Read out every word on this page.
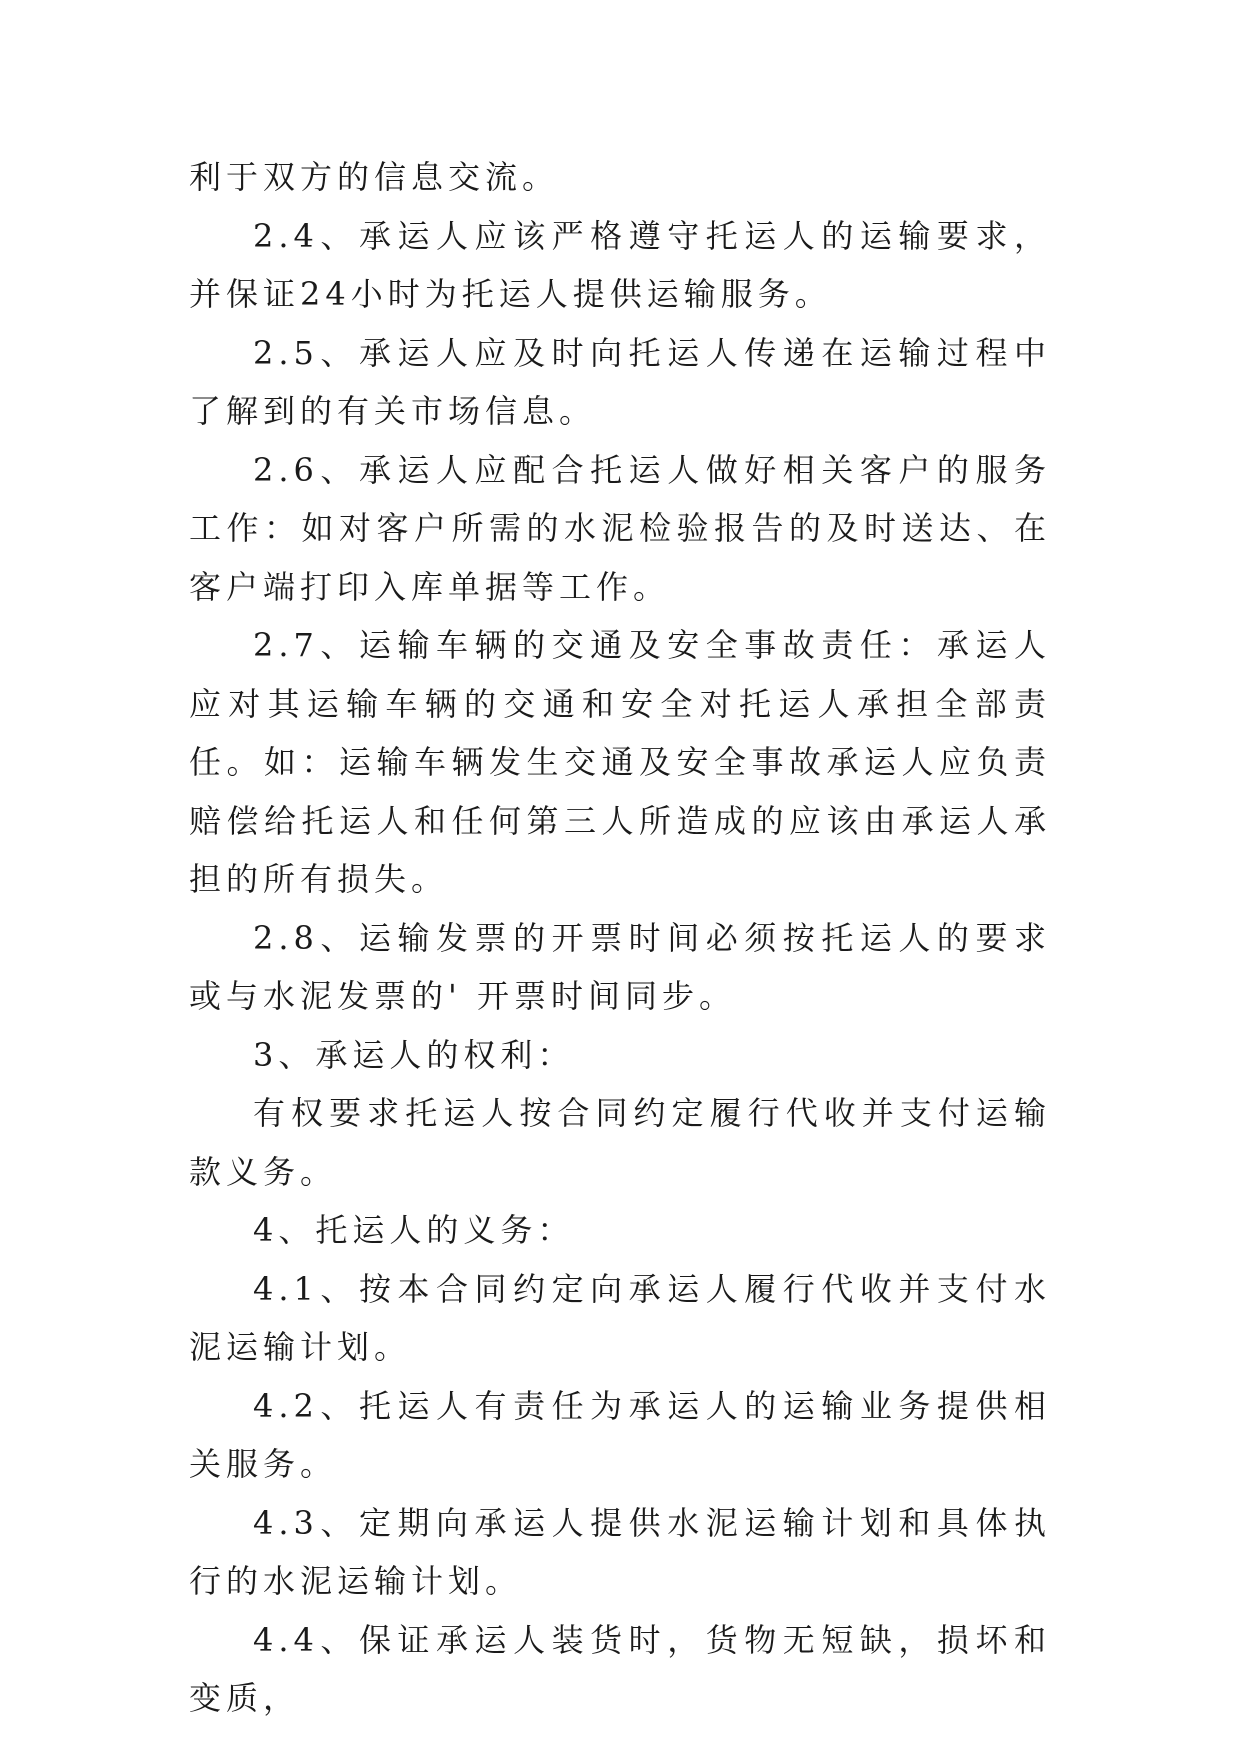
利于双方的信息交流。

2.4、承运人应该严格遵守托运人的运输要求，并保证24小时为托运人提供运输服务。

2.5、承运人应及时向托运人传递在运输过程中了解到的有关市场信息。

2.6、承运人应配合托运人做好相关客户的服务工作：如对客户所需的水泥检验报告的及时送达、在客户端打印入库单据等工作。

2.7、运输车辆的交通及安全事故责任：承运人应对其运输车辆的交通和安全对托运人承担全部责任。如：运输车辆发生交通及安全事故承运人应负责赔偿给托运人和任何第三人所造成的应该由承运人承担的所有损失。

2.8、运输发票的开票时间必须按托运人的要求或与水泥发票的' 开票时间同步。

3、承运人的权利：

有权要求托运人按合同约定履行代收并支付运输款义务。

4、托运人的义务：

4.1、按本合同约定向承运人履行代收并支付水泥运输计划。

4.2、托运人有责任为承运人的运输业务提供相关服务。

4.3、定期向承运人提供水泥运输计划和具体执行的水泥运输计划。

4.4、保证承运人装货时，货物无短缺，损坏和变质，
